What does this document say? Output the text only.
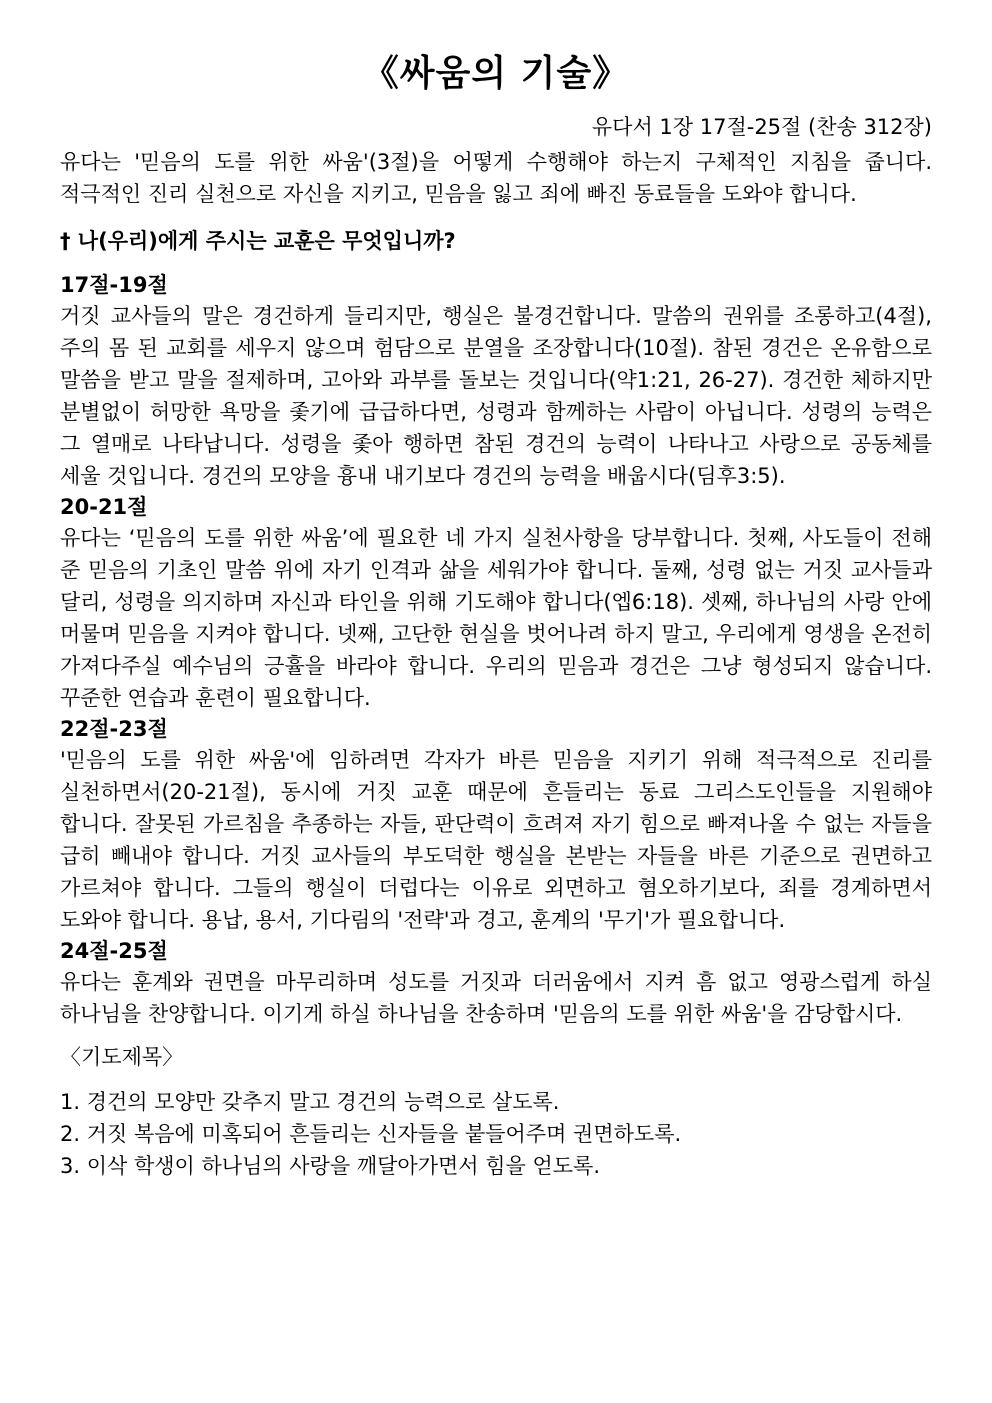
《싸움의 기술》
유다서 1장 17절-25절 (찬송 312장)

유다는 '믿음의 도를 위한 싸움'(3절)을 어떻게 수행해야 하는지 구체적인 지침을 줍니다. 적극적인 진리 실천으로 자신을 지키고, 믿음을 잃고 죄에 빠진 동료들을 도와야 합니다.

† 나(우리)에게 주시는 교훈은 무엇입니까?
17절-19절

거짓 교사들의 말은 경건하게 들리지만, 행실은 불경건합니다. 말씀의 권위를 조롱하고(4절), 주의 몸 된 교회를 세우지 않으며 험담으로 분열을 조장합니다(10절). 참된 경건은 온유함으로 말씀을 받고 말을 절제하며, 고아와 과부를 돌보는 것입니다(약1:21, 26-27). 경건한 체하지만 분별없이 허망한 욕망을 좇기에 급급하다면, 성령과 함께하는 사람이 아닙니다. 성령의 능력은 그 열매로 나타납니다. 성령을 좇아 행하면 참된 경건의 능력이 나타나고 사랑으로 공동체를 세울 것입니다. 경건의 모양을 흉내 내기보다 경건의 능력을 배웁시다(딤후3:5).

20-21절

유다는 ‘믿음의 도를 위한 싸움’에 필요한 네 가지 실천사항을 당부합니다. 첫째, 사도들이 전해 준 믿음의 기초인 말씀 위에 자기 인격과 삶을 세워가야 합니다. 둘째, 성령 없는 거짓 교사들과 달리, 성령을 의지하며 자신과 타인을 위해 기도해야 합니다(엡6:18). 셋째, 하나님의 사랑 안에 머물며 믿음을 지켜야 합니다. 넷째, 고단한 현실을 벗어나려 하지 말고, 우리에게 영생을 온전히 가져다주실 예수님의 긍휼을 바라야 합니다. 우리의 믿음과 경건은 그냥 형성되지 않습니다. 꾸준한 연습과 훈련이 필요합니다.

22절-23절

'믿음의 도를 위한 싸움'에 임하려면 각자가 바른 믿음을 지키기 위해 적극적으로 진리를 실천하면서(20-21절), 동시에 거짓 교훈 때문에 흔들리는 동료 그리스도인들을 지원해야 합니다. 잘못된 가르침을 추종하는 자들, 판단력이 흐려져 자기 힘으로 빠져나올 수 없는 자들을 급히 빼내야 합니다. 거짓 교사들의 부도덕한 행실을 본받는 자들을 바른 기준으로 권면하고 가르쳐야 합니다. 그들의 행실이 더럽다는 이유로 외면하고 혐오하기보다, 죄를 경계하면서 도와야 합니다. 용납, 용서, 기다림의 '전략'과 경고, 훈계의 '무기'가 필요합니다.

24절-25절

유다는 훈계와 권면을 마무리하며 성도를 거짓과 더러움에서 지켜 흠 없고 영광스럽게 하실 하나님을 찬양합니다. 이기게 하실 하나님을 찬송하며 '믿음의 도를 위한 싸움'을 감당합시다.

〈기도제목〉
1. 경건의 모양만 갖추지 말고 경건의 능력으로 살도록.
2. 거짓 복음에 미혹되어 흔들리는 신자들을 붙들어주며 권면하도록.
3. 이삭 학생이 하나님의 사랑을 깨달아가면서 힘을 얻도록.
